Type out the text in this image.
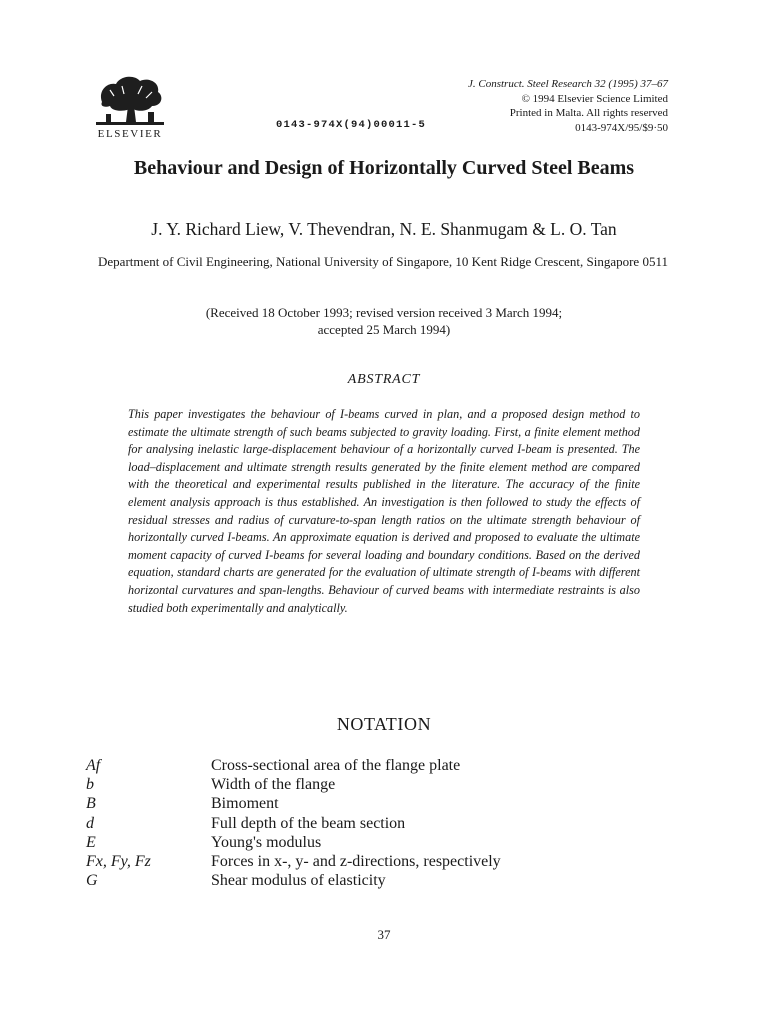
ELSEVIER
0143-974X(94)00011-5
J. Construct. Steel Research 32 (1995) 37–67
© 1994 Elsevier Science Limited
Printed in Malta. All rights reserved
0143-974X/95/$9·50
Behaviour and Design of Horizontally Curved Steel Beams

J. Y. Richard Liew, V. Thevendran, N. E. Shanmugam & L. O. Tan

Department of Civil Engineering, National University of Singapore, 10 Kent Ridge Crescent, Singapore 0511

(Received 18 October 1993; revised version received 3 March 1994;
accepted 25 March 1994)
ABSTRACT

This paper investigates the behaviour of I-beams curved in plan, and a proposed design method to estimate the ultimate strength of such beams subjected to gravity loading. First, a finite element method for analysing inelastic large-displacement behaviour of a horizontally curved I-beam is presented. The load–displacement and ultimate strength results generated by the finite element method are compared with the theoretical and experimental results published in the literature. The accuracy of the finite element analysis approach is thus established. An investigation is then followed to study the effects of residual stresses and radius of curvature-to-span length ratios on the ultimate strength behaviour of horizontally curved I-beams. An approximate equation is derived and proposed to evaluate the ultimate moment capacity of curved I-beams for several loading and boundary conditions. Based on the derived equation, standard charts are generated for the evaluation of ultimate strength of I-beams with different horizontal curvatures and span-lengths. Behaviour of curved beams with intermediate restraints is also studied both experimentally and analytically.

NOTATION
Af	Cross-sectional area of the flange plate
b	Width of the flange
B	Bimoment
d	Full depth of the beam section
E	Young's modulus
Fx, Fy, Fz	Forces in x-, y- and z-directions, respectively
G	Shear modulus of elasticity
37
